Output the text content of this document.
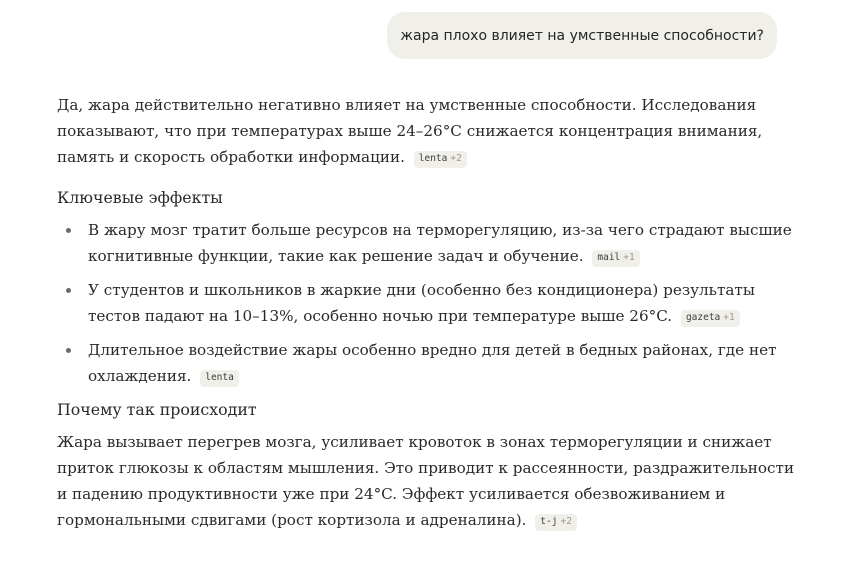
жара плохо влияет на умственные способности?

Да, жара действительно негативно влияет на умственные способности. Исследования показывают, что при температурах выше 24–26°C снижается концентрация внимания, память и скорость обработки информации. lenta +2

Ключевые эффекты
В жару мозг тратит больше ресурсов на терморегуляцию, из-за чего страдают высшие когнитивные функции, такие как решение задач и обучение. mail +1
У студентов и школьников в жаркие дни (особенно без кондиционера) результаты тестов падают на 10–13%, особенно ночью при температуре выше 26°C. gazeta +1
Длительное воздействие жары особенно вредно для детей в бедных районах, где нет охлаждения. lenta
Почему так происходит

Жара вызывает перегрев мозга, усиливает кровоток в зонах терморегуляции и снижает приток глюкозы к областям мышления. Это приводит к рассеянности, раздражительности и падению продуктивности уже при 24°C. Эффект усиливается обезвоживанием и гормональными сдвигами (рост кортизола и адреналина). t-j +2
